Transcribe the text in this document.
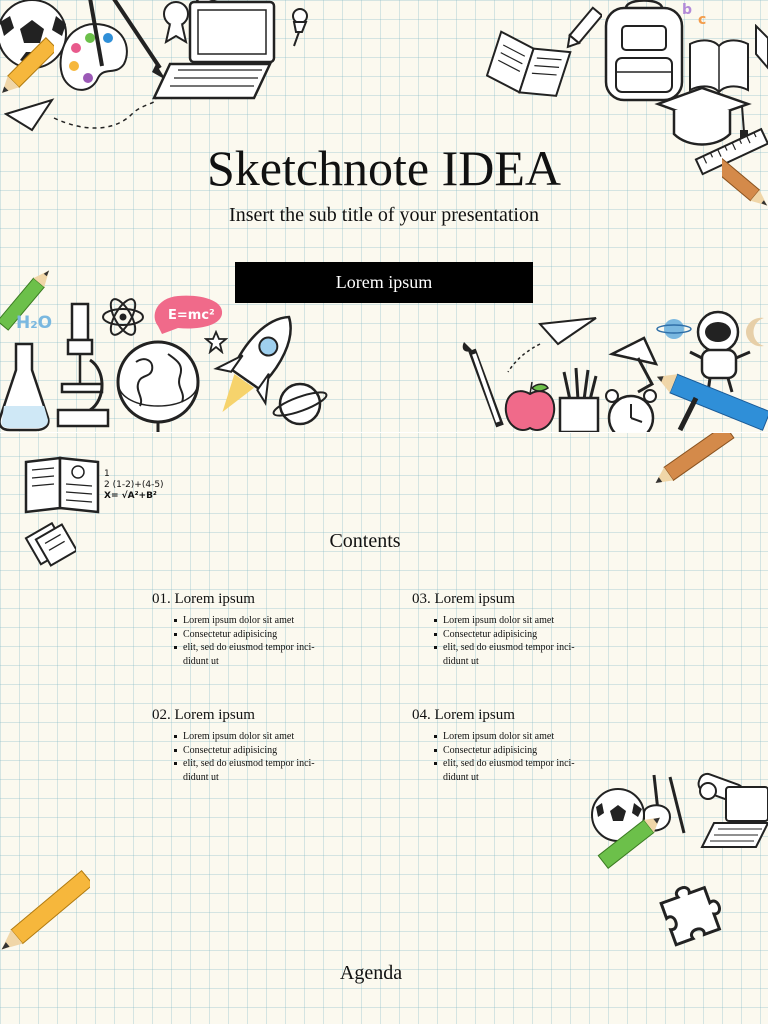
b
c
Sketchnote IDEA
Insert the sub title of your presentation
Lorem ipsum
H₂O	E=mc²
1
2 (1-2)+(4-5)
X= √A²+B²
Contents
01. Lorem ipsum
Lorem ipsum dolor sit amet
Consectetur adipisicing
elit, sed do eiusmod tempor inci-
didunt ut
03. Lorem ipsum
Lorem ipsum dolor sit amet
Consectetur adipisicing
elit, sed do eiusmod tempor inci-
didunt ut
02. Lorem ipsum
Lorem ipsum dolor sit amet
Consectetur adipisicing
elit, sed do eiusmod tempor inci-
didunt ut
04. Lorem ipsum
Lorem ipsum dolor sit amet
Consectetur adipisicing
elit, sed do eiusmod tempor inci-
didunt ut
Agenda
